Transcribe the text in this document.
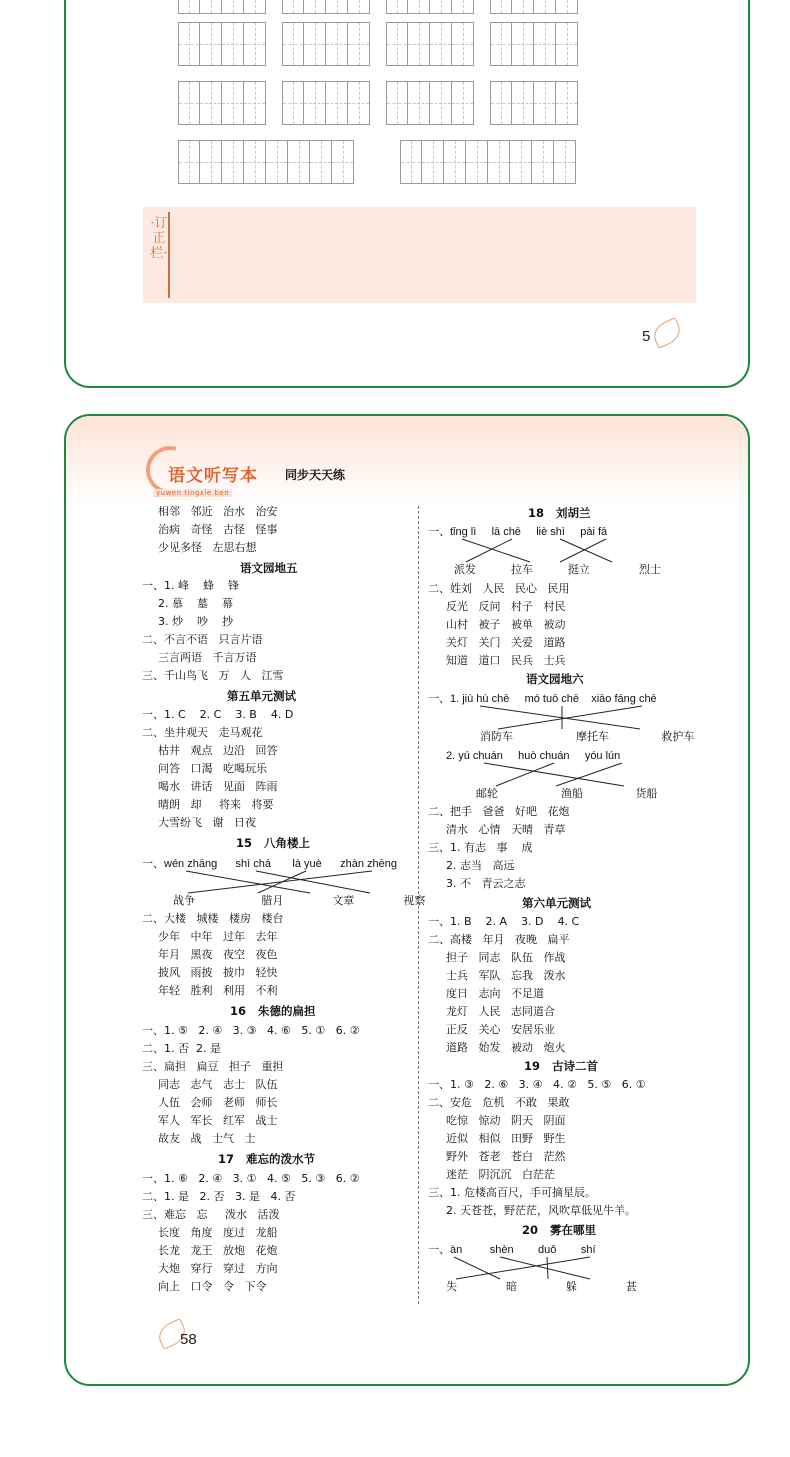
·订正栏·
5
语文听写本 同步天天练
yuwen tingxie ben
58
相邻   邻近   治水   治安
治病   奇怪   古怪   怪事
少见多怪   左思右想
语文园地五
一、1. 峰    蜂    锋
2. 慕    墓    幕
3. 炒    吵    抄
二、不言不语   只言片语
三言两语   千言万语
三、千山鸟飞   万   人   江雪
第五单元测试
一、1. C    2. C    3. B    4. D
二、坐井观天   走马观花
枯井   观点   边沿   回答
问答   口渴   吃喝玩乐
喝水   讲话   见面   阵雨
晴朗   却     将来   将要
大雪纷飞   谢   日夜
15   八角楼上
一、wén zhāng      shì chá       là yuè      zhàn zhēng
战争                   腊月              文章              视察
二、大楼   城楼   楼房   楼台
少年   中年   过年   去年
年月   黑夜   夜空   夜色
披风   雨披   披巾   轻快
年轻   胜利   利用   不利
16   朱德的扁担
一、1. ⑤   2. ④   3. ③   4. ⑥   5. ①   6. ②
二、1. 否  2. 是
三、扁担   扁豆   担子   重担
同志   志气   志士   队伍
人伍   会师   老师   师长
军人   军长   红军   战士
故友   战   士气   士
17   难忘的泼水节
一、1. ⑥   2. ④   3. ①   4. ⑤   5. ③   6. ②
二、1. 是   2. 否   3. 是   4. 否
三、难忘   忘     泼水   活泼
长度   角度   度过   龙船
长龙   龙王   放炮   花炮
大炮   穿行   穿过   方向
向上   口令   令   下令
18   刘胡兰
一、tǐng lì     lā chē     liè shì     pài fā
派发          拉车          挺立              烈士
二、姓刘   人民   民心   民用
反光   反问   村子   村民
山村   被子   被单   被动
关灯   关门   关爱   道路
知道   道口   民兵   士兵
语文园地六
一、1. jiù hù chē     mó tuō chē    xiāo fáng chē
消防车                  摩托车               救护车
2. yú chuán     huò chuán     yóu lún
邮轮                  渔船               货船
二、把手   爸爸   好吧   花炮
清水   心情   天晴   青草
三、1. 有志   事    成
2. 志当   高远
3. 不   青云之志
第六单元测试
一、1. B    2. A    3. D    4. C
二、高楼   年月   夜晚   扁平
担子   同志   队伍   作战
士兵   军队   忘我   泼水
度日   志向   不足道
龙灯   人民   志同道合
正反   关心   安居乐业
道路   始发   被动   炮火
19   古诗二首
一、1. ③   2. ⑥   3. ④   4. ②   5. ⑤   6. ①
二、安危   危机   不敢   果敢
吃惊   惊动   阴天   阴面
近似   相似   田野   野生
野外   苍老   苍白   茫然
迷茫   阴沉沉   白茫茫
三、1. 危楼高百尺，手可摘星辰。
2. 天苍苍，野茫茫，风吹草低见牛羊。
20   雾在哪里
一、àn         shèn        duǒ        shí
失              暗              躲              甚
